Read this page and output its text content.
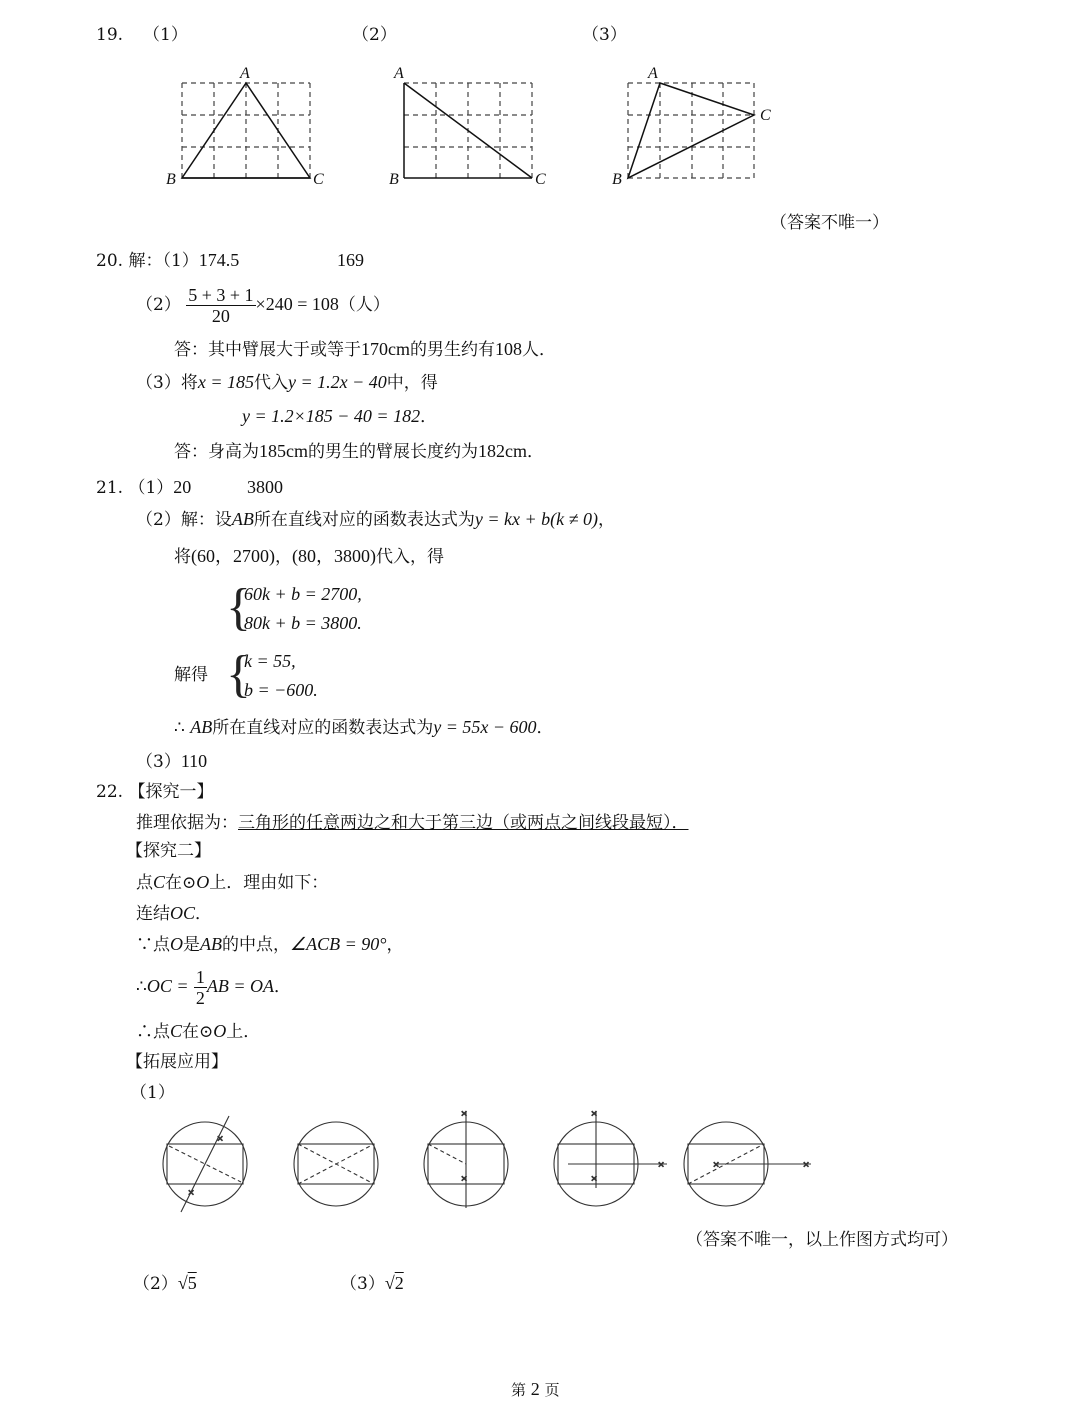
19. （1）	（2）	（3）
A
B	C
A
B	C
A
B
C
（答案不唯一）
20. 解：（1）174.5	169
$(2) \frac{5 + 3 + 1}{20} \times 240 = 108$（人）
答：其中臂展大于或等于170cm的男生约有108人．
（3）将x = 185代入y = 1.2x − 40中，得
y = 1.2×185 − 40 = 182．
答：身高为185cm的男生的臂展长度约为182cm．
21. （1）20	3800
（2）解：设AB所在直线对应的函数表达式为y = kx + b(k ≠ 0)，
将(60，2700)，(80，3800)代入，得
{
60k + b = 2700,
80k + b = 3800.
解得 {
k = 55,
b = −600.
∴ AB所在直线对应的函数表达式为y = 55x − 600．
（3）110
22. 【探究一】
推理依据为：三角形的任意两边之和大于第三边（或两点之间线段最短）．
【探究二】
点C在⊙O上．理由如下：
连结OC．
∵点O是AB的中点，∠ACB = 90°，
∴OC = $\frac{1}{2}$ AB = OA．
∴点C在⊙O上．
【拓展应用】
（1）
×
×
×
×
×
×
×	×	×
（答案不唯一，以上作图方式均可）
（2）√5	（3）√2
第 2 页
